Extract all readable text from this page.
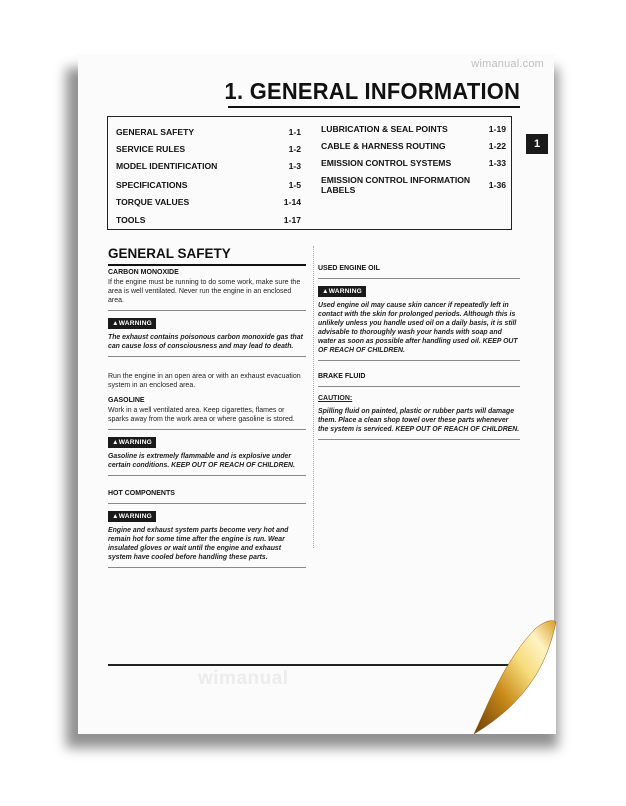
wimanual.com
1. GENERAL INFORMATION
GENERAL SAFETY	1-1
SERVICE RULES	1-2
MODEL IDENTIFICATION	1-3
SPECIFICATIONS	1-5
TORQUE VALUES	1-14
TOOLS	1-17
LUBRICATION & SEAL POINTS	1-19
CABLE & HARNESS ROUTING	1-22
EMISSION CONTROL SYSTEMS	1-33
EMISSION CONTROL INFORMATION
LABELS	1-36
1
GENERAL SAFETY
CARBON MONOXIDE
If the engine must be running to do some work, make sure the area is well ventilated. Never run the engine in an enclosed area.
▲WARNING
The exhaust contains poisonous carbon monoxide gas that can cause loss of consciousness and may lead to death.
Run the engine in an open area or with an exhaust evacuation system in an enclosed area.
GASOLINE
Work in a well ventilated area. Keep cigarettes, flames or sparks away from the work area or where gasoline is stored.
▲WARNING
Gasoline is extremely flammable and is explosive under certain conditions. KEEP OUT OF REACH OF CHILDREN.
HOT COMPONENTS
▲WARNING
Engine and exhaust system parts become very hot and remain hot for some time after the engine is run. Wear insulated gloves or wait until the engine and exhaust system have cooled before handling these parts.
USED ENGINE OIL
▲WARNING
Used engine oil may cause skin cancer if repeatedly left in contact with the skin for prolonged periods. Although this is unlikely unless you handle used oil on a daily basis, it is still advisable to thoroughly wash your hands with soap and water as soon as possible after handling used oil. KEEP OUT OF REACH OF CHILDREN.
BRAKE FLUID
CAUTION:
Spilling fluid on painted, plastic or rubber parts will damage them. Place a clean shop towel over these parts whenever the system is serviced. KEEP OUT OF REACH OF CHILDREN.
wimanual
